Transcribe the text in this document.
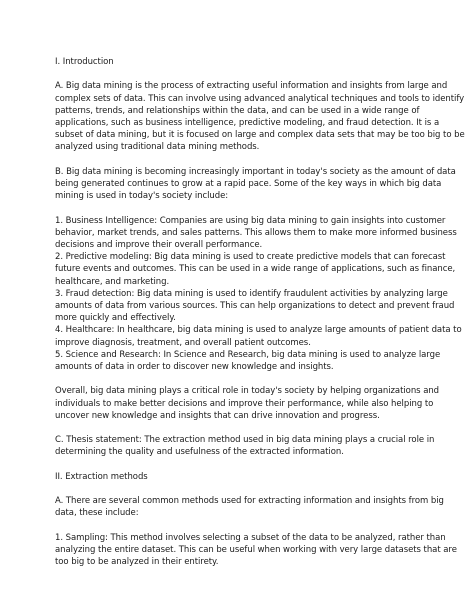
I. Introduction
A. Big data mining is the process of extracting useful information and insights from large and
complex sets of data. This can involve using advanced analytical techniques and tools to identify
patterns, trends, and relationships within the data, and can be used in a wide range of
applications, such as business intelligence, predictive modeling, and fraud detection. It is a
subset of data mining, but it is focused on large and complex data sets that may be too big to be
analyzed using traditional data mining methods.
B. Big data mining is becoming increasingly important in today's society as the amount of data
being generated continues to grow at a rapid pace. Some of the key ways in which big data
mining is used in today's society include:
1. Business Intelligence: Companies are using big data mining to gain insights into customer
behavior, market trends, and sales patterns. This allows them to make more informed business
decisions and improve their overall performance.
2. Predictive modeling: Big data mining is used to create predictive models that can forecast
future events and outcomes. This can be used in a wide range of applications, such as finance,
healthcare, and marketing.
3. Fraud detection: Big data mining is used to identify fraudulent activities by analyzing large
amounts of data from various sources. This can help organizations to detect and prevent fraud
more quickly and effectively.
4. Healthcare: In healthcare, big data mining is used to analyze large amounts of patient data to
improve diagnosis, treatment, and overall patient outcomes.
5. Science and Research: In Science and Research, big data mining is used to analyze large
amounts of data in order to discover new knowledge and insights.
Overall, big data mining plays a critical role in today's society by helping organizations and
individuals to make better decisions and improve their performance, while also helping to
uncover new knowledge and insights that can drive innovation and progress.
C. Thesis statement: The extraction method used in big data mining plays a crucial role in
determining the quality and usefulness of the extracted information.
II. Extraction methods
A. There are several common methods used for extracting information and insights from big
data, these include:
1. Sampling: This method involves selecting a subset of the data to be analyzed, rather than
analyzing the entire dataset. This can be useful when working with very large datasets that are
too big to be analyzed in their entirety.
